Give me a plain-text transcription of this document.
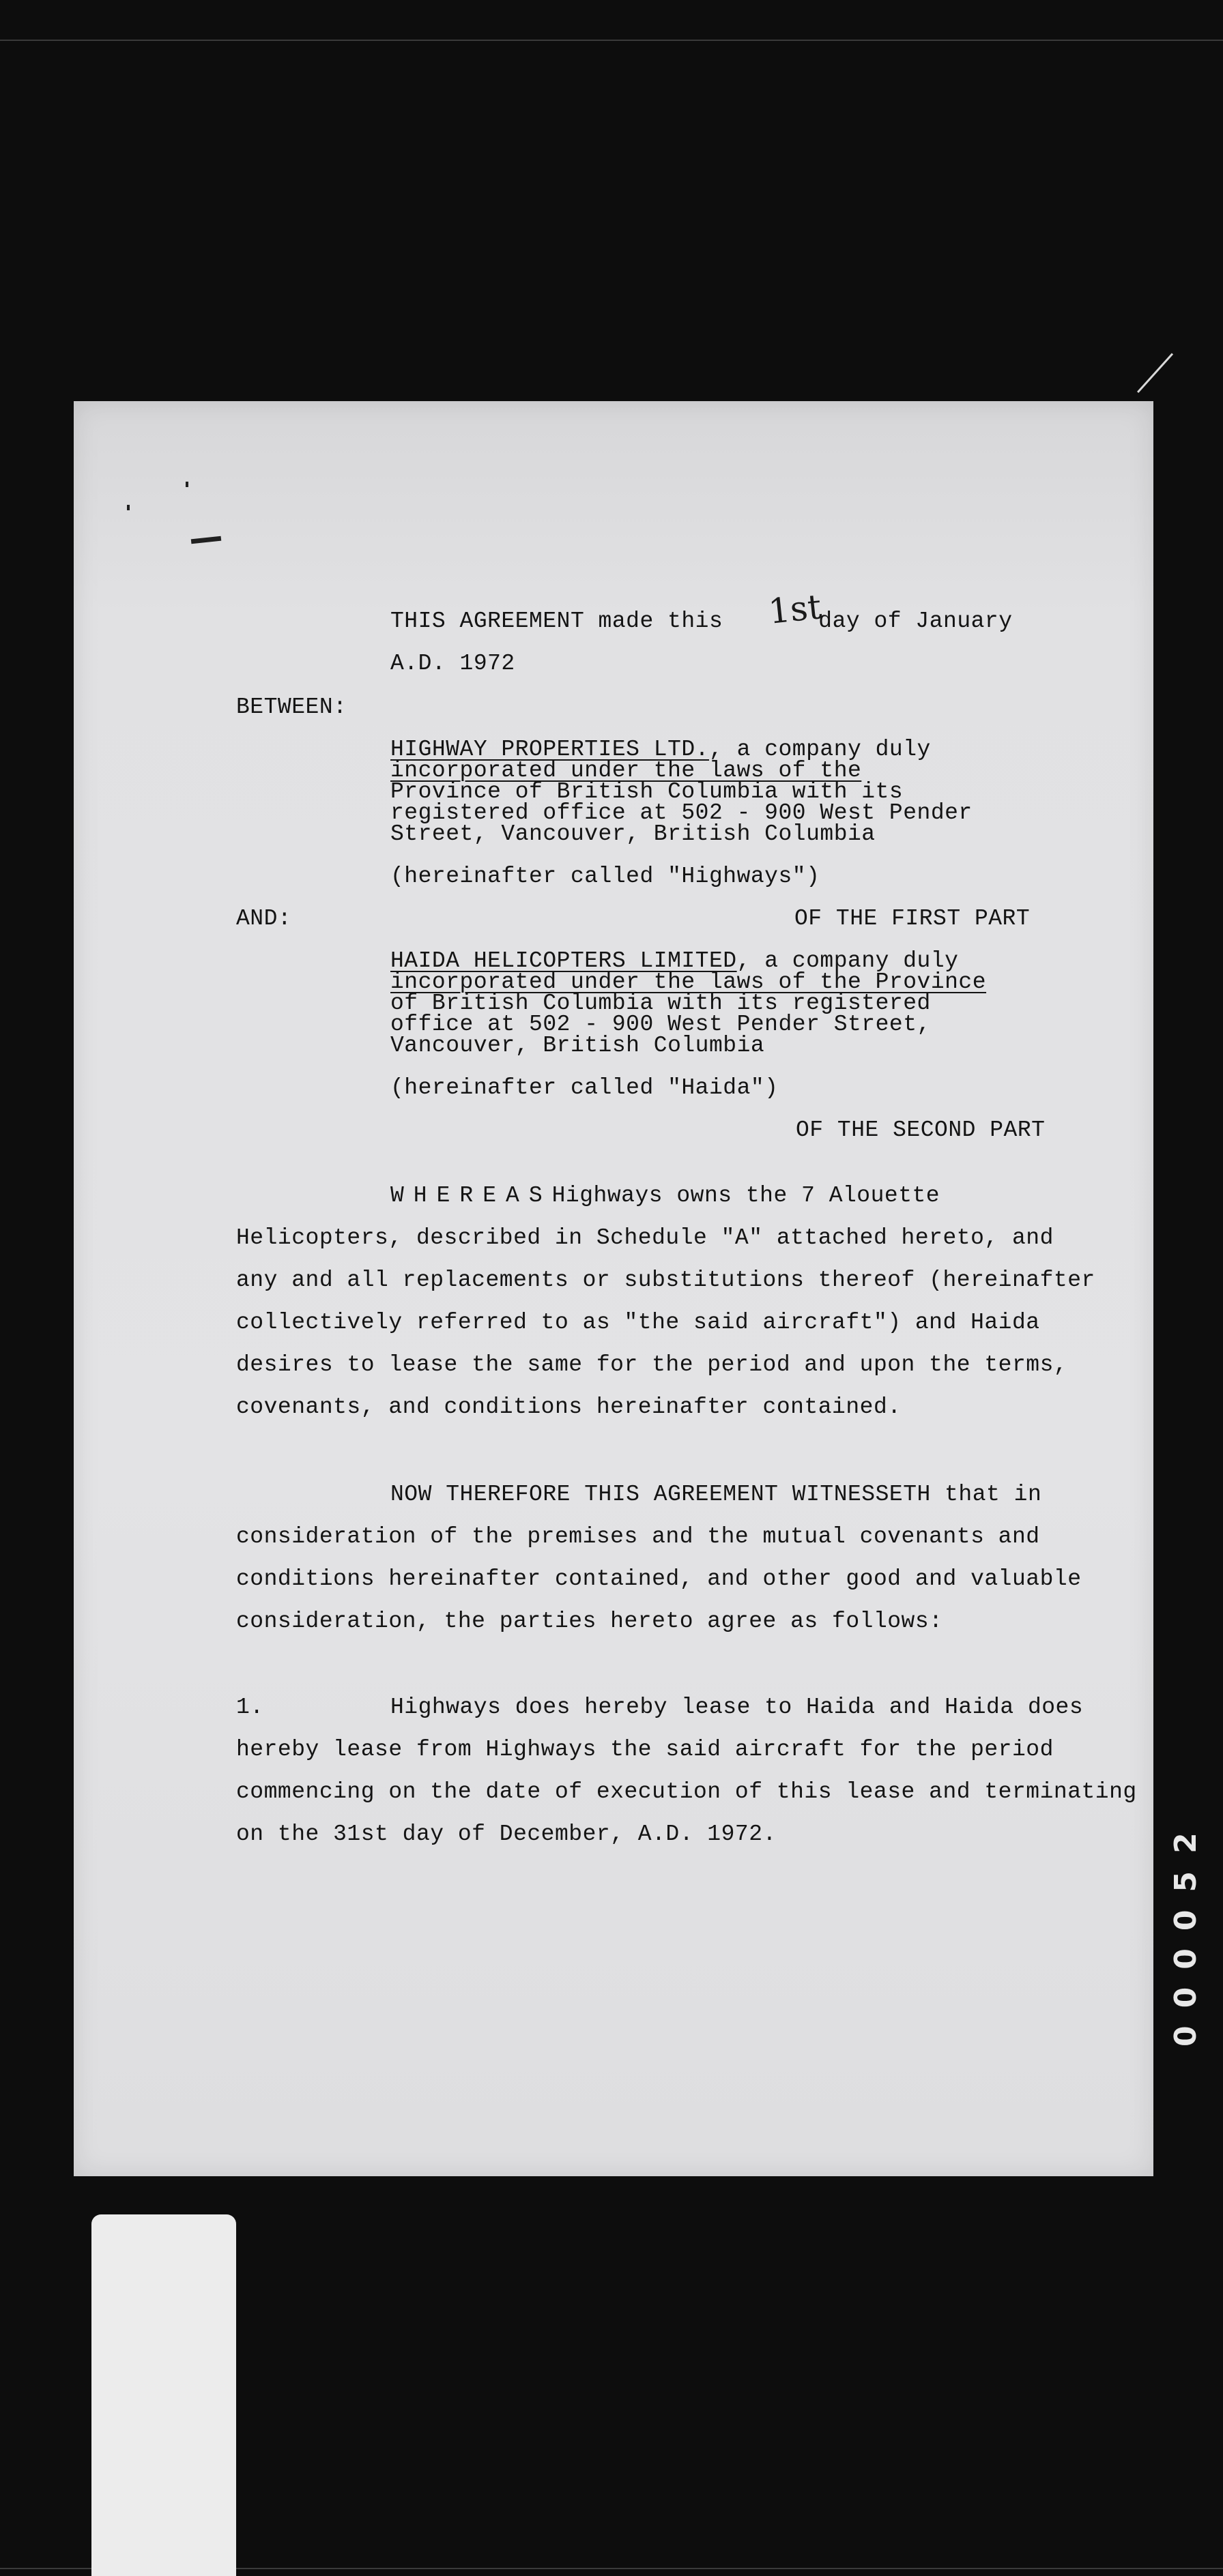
THIS AGREEMENT made this	day of January

1st

A.D. 1972

BETWEEN:

HIGHWAY PROPERTIES LTD., a company duly

incorporated under the laws of the

Province of British Columbia with its

registered office at 502 - 900 West Pender

Street, Vancouver, British Columbia

(hereinafter called "Highways")

AND:	OF THE FIRST PART

HAIDA HELICOPTERS LIMITED, a company duly

incorporated under the laws of the Province

of British Columbia with its registered

office at 502 - 900 West Pender Street,

Vancouver, British Columbia

(hereinafter called "Haida")

OF THE SECOND PART

WHEREASHighways owns the 7 Alouette

Helicopters, described in Schedule "A" attached hereto, and

any and all replacements or substitutions thereof (hereinafter

collectively referred to as "the said aircraft") and Haida

desires to lease the same for the period and upon the terms,

covenants, and conditions hereinafter contained.

NOW THEREFORE THIS AGREEMENT WITNESSETH that in

consideration of the premises and the mutual covenants and

conditions hereinafter contained, and other good and valuable

consideration, the parties hereto agree as follows:

1.	Highways does hereby lease to Haida and Haida does

hereby lease from Highways the said aircraft for the period

commencing on the date of execution of this lease and terminating

on the 31st day of December, A.D. 1972.	000052
